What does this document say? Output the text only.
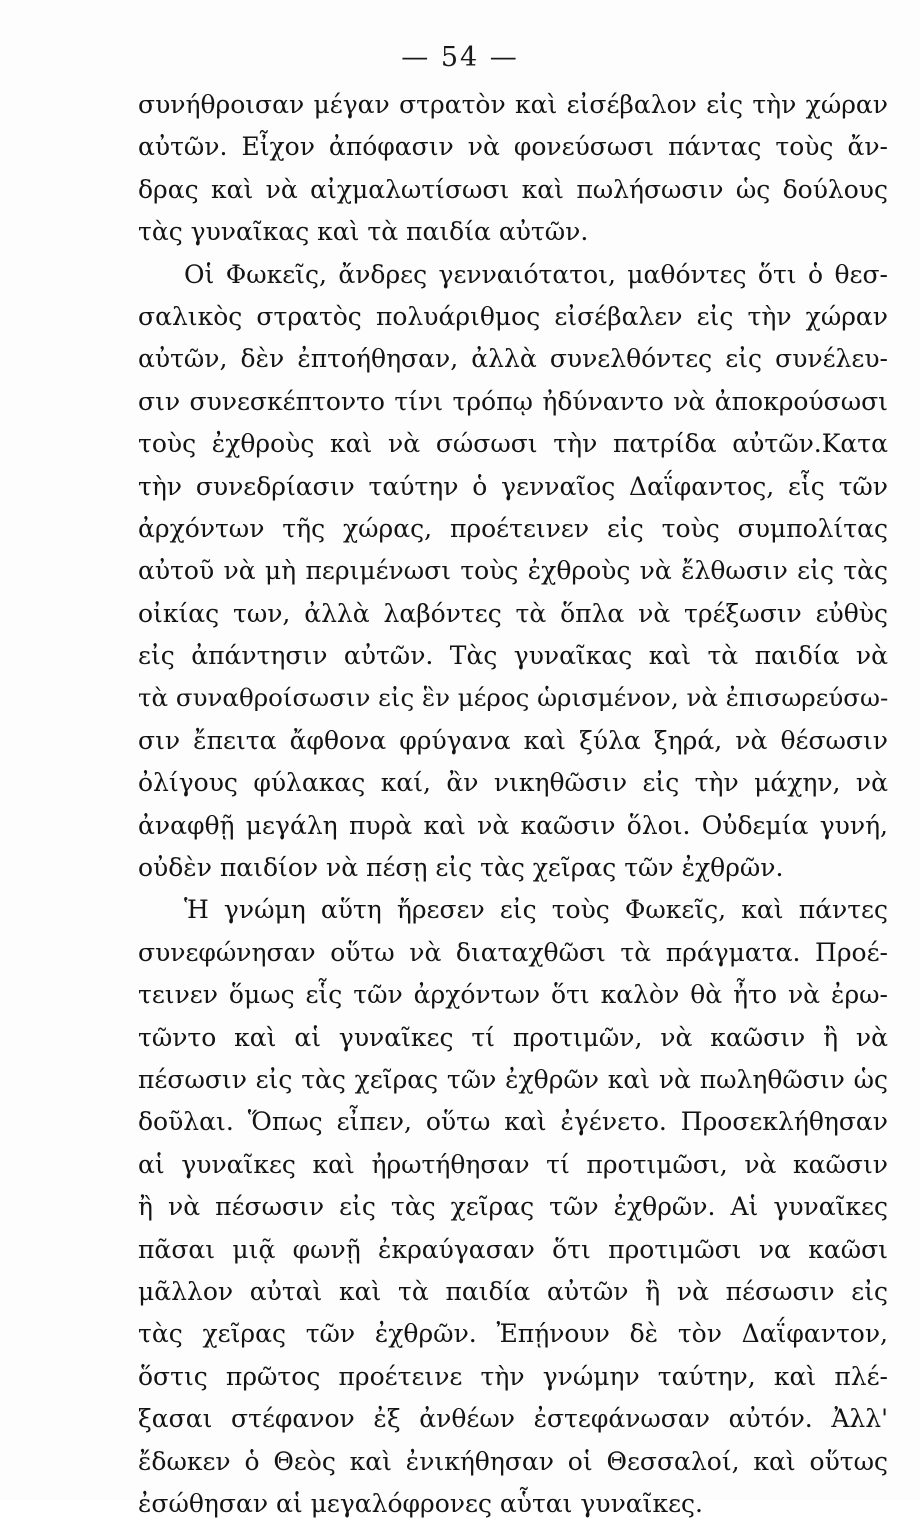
— 54 —
συνήθροισαν μέγαν στρατὸν καὶ εἰσέβαλον εἰς τὴν χώραν
αὐτῶν. Εἶχον ἀπόφασιν νὰ φονεύσωσι πάντας τοὺς ἄν-
δρας καὶ νὰ αἰχμαλωτίσωσι καὶ πωλήσωσιν ὡς δούλους
τὰς γυναῖκας καὶ τὰ παιδία αὐτῶν.
Οἱ Φωκεῖς, ἄνδρες γενναιότατοι, μαθόντες ὅτι ὁ θεσ-
σαλικὸς στρατὸς πολυάριθμος εἰσέβαλεν εἰς τὴν χώραν
αὐτῶν, δὲν ἐπτοήθησαν, ἀλλὰ συνελθόντες εἰς συνέλευ-
σιν συνεσκέπτοντο τίνι τρόπῳ ἠδύναντο νὰ ἀποκρούσωσι
τοὺς ἐχθροὺς καὶ νὰ σώσωσι τὴν πατρίδα αὐτῶν.Κατα
τὴν συνεδρίασιν ταύτην ὁ γενναῖος Δαΐφαντος, εἷς τῶν
ἀρχόντων τῆς χώρας, προέτεινεν εἰς τοὺς συμπολίτας
αὐτοῦ νὰ μὴ περιμένωσι τοὺς ἐχθροὺς νὰ ἔλθωσιν εἰς τὰς
οἰκίας των, ἀλλὰ λαβόντες τὰ ὅπλα νὰ τρέξωσιν εὐθὺς
εἰς ἀπάντησιν αὐτῶν. Τὰς γυναῖκας καὶ τὰ παιδία νὰ
τὰ συναθροίσωσιν εἰς ἓν μέρος ὡρισμένον, νὰ ἐπισωρεύσω-
σιν ἔπειτα ἄφθονα φρύγανα καὶ ξύλα ξηρά, νὰ θέσωσιν
ὀλίγους φύλακας καί, ἂν νικηθῶσιν εἰς τὴν μάχην, νὰ
ἀναφθῇ μεγάλη πυρὰ καὶ νὰ καῶσιν ὅλοι. Οὐδεμία γυνή,
οὐδὲν παιδίον νὰ πέσῃ εἰς τὰς χεῖρας τῶν ἐχθρῶν.
Ἡ γνώμη αὕτη ἤρεσεν εἰς τοὺς Φωκεῖς, καὶ πάντες
συνεφώνησαν οὕτω νὰ διαταχθῶσι τὰ πράγματα. Προέ-
τεινεν ὅμως εἷς τῶν ἀρχόντων ὅτι καλὸν θὰ ἦτο νὰ ἐρω-
τῶντο καὶ αἱ γυναῖκες τί προτιμῶν, νὰ καῶσιν ἢ νὰ
πέσωσιν εἰς τὰς χεῖρας τῶν ἐχθρῶν καὶ νὰ πωληθῶσιν ὡς
δοῦλαι. Ὅπως εἶπεν, οὕτω καὶ ἐγένετο. Προσεκλήθησαν
αἱ γυναῖκες καὶ ἠρωτήθησαν τί προτιμῶσι, νὰ καῶσιν
ἢ νὰ πέσωσιν εἰς τὰς χεῖρας τῶν ἐχθρῶν. Αἱ γυναῖκες
πᾶσαι μιᾷ φωνῇ ἐκραύγασαν ὅτι προτιμῶσι να καῶσι
μᾶλλον αὐταὶ καὶ τὰ παιδία αὐτῶν ἢ νὰ πέσωσιν εἰς
τὰς χεῖρας τῶν ἐχθρῶν. Ἐπῄνουν δὲ τὸν Δαΐφαντον,
ὅστις πρῶτος προέτεινε τὴν γνώμην ταύτην, καὶ πλέ-
ξασαι στέφανον ἐξ ἀνθέων ἐστεφάνωσαν αὐτόν. Ἀλλ'
ἔδωκεν ὁ Θεὸς καὶ ἐνικήθησαν οἱ Θεσσαλοί, καὶ οὕτως
ἐσώθησαν αἱ μεγαλόφρονες αὗται γυναῖκες.
